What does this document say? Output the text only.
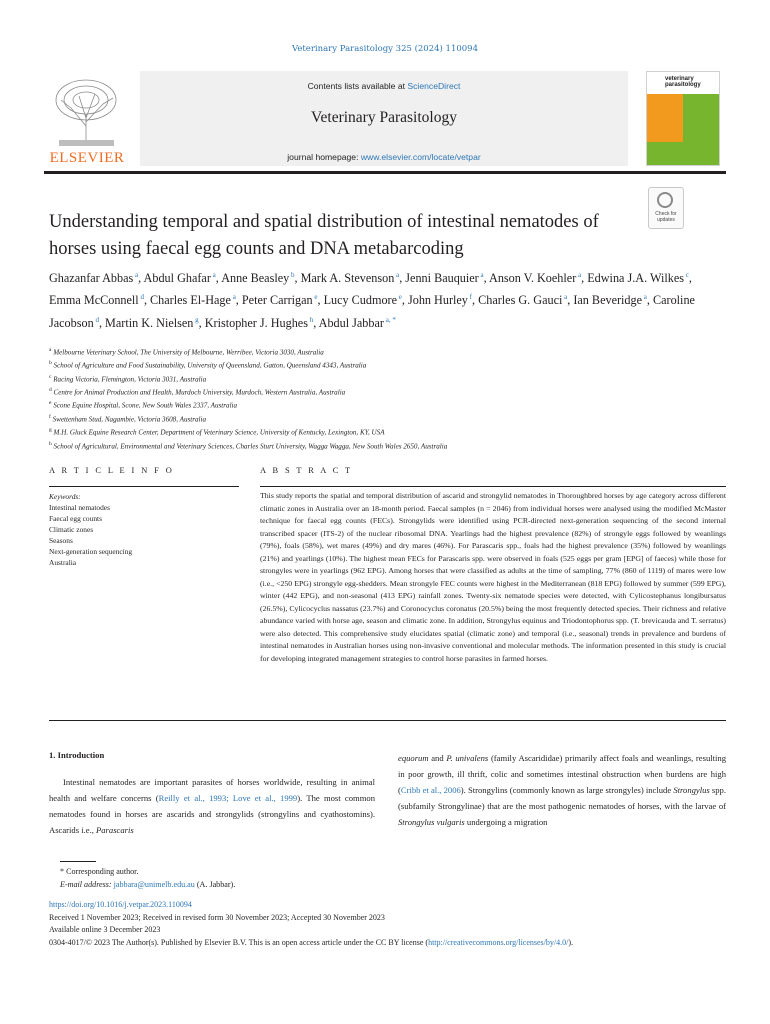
Veterinary Parasitology 325 (2024) 110094
Contents lists available at ScienceDirect
Veterinary Parasitology
journal homepage: www.elsevier.com/locate/vetpar
ELSEVIER
veterinary
parasitology
Check for
updates
Understanding temporal and spatial distribution of intestinal nematodes of horses using faecal egg counts and DNA metabarcoding
Ghazanfar Abbas $^a$, Abdul Ghafar $^a$, Anne Beasley $^b$, Mark A. Stevenson $^a$, Jenni Bauquier $^a$, Anson V. Koehler $^a$, Edwina J.A. Wilkes $^c$, Emma McConnell $^d$, Charles El-Hage $^a$, Peter Carrigan $^e$, Lucy Cudmore $^e$, John Hurley $^f$, Charles G. Gauci $^a$, Ian Beveridge $^a$, Caroline Jacobson $^d$, Martin K. Nielsen $^g$, Kristopher J. Hughes $^h$, Abdul Jabbar $^{a, *}$
$^a$ Melbourne Veterinary School, The University of Melbourne, Werribee, Victoria 3030, Australia
$^b$ School of Agriculture and Food Sustainability, University of Queensland, Gatton, Queensland 4343, Australia
$^c$ Racing Victoria, Flemington, Victoria 3031, Australia
$^d$ Centre for Animal Production and Health, Murdoch University, Murdoch, Western Australia, Australia
$^e$ Scone Equine Hospital, Scone, New South Wales 2337, Australia
$^f$ Swettenham Stud, Nagambie, Victoria 3608, Australia
$^g$ M.H. Gluck Equine Research Center, Department of Veterinary Science, University of Kentucky, Lexington, KY, USA
$^h$ School of Agricultural, Environmental and Veterinary Sciences, Charles Sturt University, Wagga Wagga, New South Wales 2650, Australia
A R T I C L E I N F O	A B S T R A C T
Keywords:
Intestinal nematodes
Faecal egg counts
Climatic zones
Seasons
Next-generation sequencing
Australia
This study reports the spatial and temporal distribution of ascarid and strongylid nematodes in Thoroughbred horses by age category across different climatic zones in Australia over an 18-month period. Faecal samples (n = 2046) from individual horses were analysed using the modified McMaster technique for faecal egg counts (FECs). Strongylids were identified using PCR-directed next-generation sequencing of the second internal transcribed spacer (ITS-2) of the nuclear ribosomal DNA. Yearlings had the highest prevalence (82%) of strongyle eggs followed by weanlings (79%), foals (58%), wet mares (49%) and dry mares (46%). For Parascaris spp., foals had the highest prevalence (35%) followed by weanlings (21%) and yearlings (10%). The highest mean FECs for Parascaris spp. were observed in foals (525 eggs per gram [EPG] of faeces) while those for strongyles were in yearlings (962 EPG). Among horses that were classified as adults at the time of sampling, 77% (860 of 1119) of mares were low (i.e., <250 EPG) strongyle egg-shedders. Mean strongyle FEC counts were highest in the Mediterranean (818 EPG) followed by summer (599 EPG), winter (442 EPG), and non-seasonal (413 EPG) rainfall zones. Twenty-six nematode species were detected, with Cylicostephanus longibursatus (26.5%), Cylicocyclus nassatus (23.7%) and Coronocyclus coronatus (20.5%) being the most frequently detected species. Their richness and relative abundance varied with horse age, season and climatic zone. In addition, Strongylus equinus and Triodontophorus spp. (T. brevicauda and T. serratus) were also detected. This comprehensive study elucidates spatial (climatic zone) and temporal (i.e., seasonal) trends in prevalence and burdens of intestinal nematodes in Australian horses using non-invasive conventional and molecular methods. The information presented in this study is crucial for developing integrated management strategies to control horse parasites in farmed horses.
1. Introduction
Intestinal nematodes are important parasites of horses worldwide, resulting in animal health and welfare concerns (Reilly et al., 1993; Love et al., 1999). The most common nematodes found in horses are ascarids and strongylids (strongylins and cyathostomins). Ascarids i.e., Parascaris
equorum and P. univalens (family Ascarididae) primarily affect foals and weanlings, resulting in poor growth, ill thrift, colic and sometimes intestinal obstruction when burdens are high (Cribb et al., 2006). Strongylins (commonly known as large strongyles) include Strongylus spp. (subfamily Strongylinae) that are the most pathogenic nematodes of horses, with the larvae of Strongylus vulgaris undergoing a migration
* Corresponding author.
E-mail address: jabbara@unimelb.edu.au (A. Jabbar).
https://doi.org/10.1016/j.vetpar.2023.110094
Received 1 November 2023; Received in revised form 30 November 2023; Accepted 30 November 2023
Available online 3 December 2023
0304-4017/© 2023 The Author(s). Published by Elsevier B.V. This is an open access article under the CC BY license (http://creativecommons.org/licenses/by/4.0/).
